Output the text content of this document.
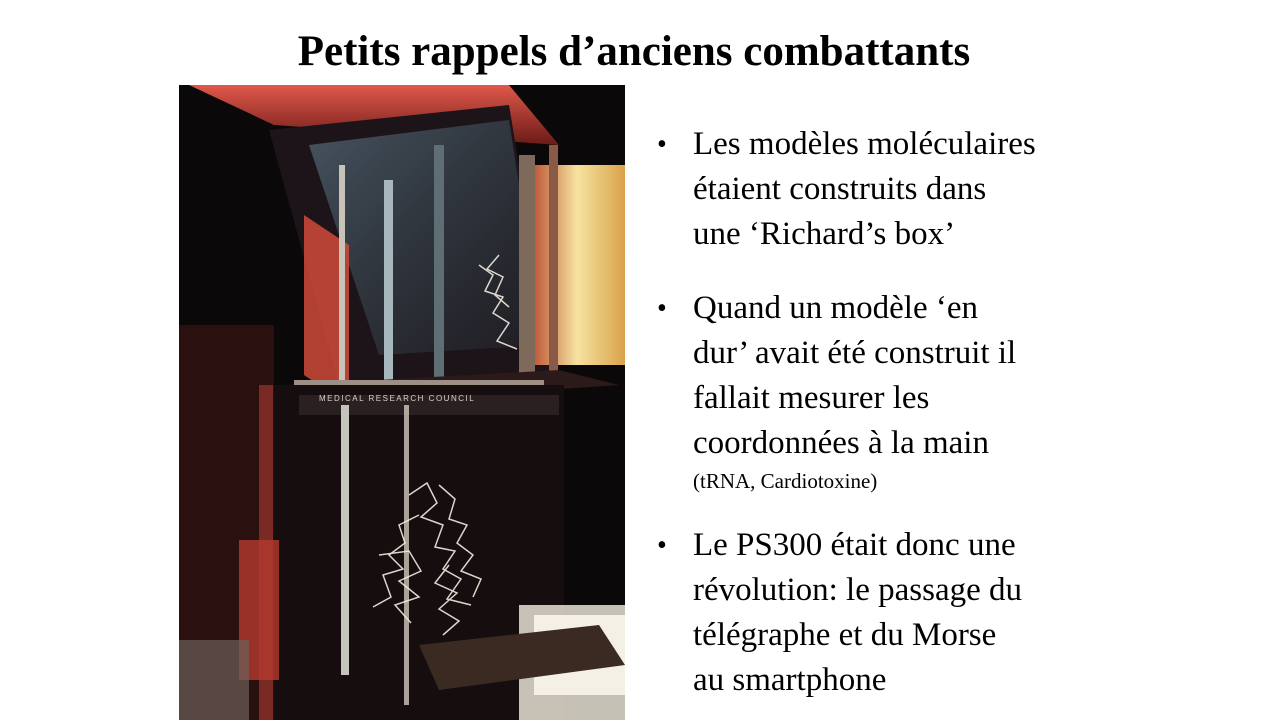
Petits rappels d’anciens combattants
MEDICAL RESEARCH COUNCIL
• Les modèles moléculaires
étaient construits dans
une ‘Richard’s box’
• Quand un modèle ‘en
dur’ avait été construit il
fallait mesurer les
coordonnées à la main
(tRNA, Cardiotoxine)
• Le PS300 était donc une
révolution: le passage du
télégraphe et du Morse
au smartphone
